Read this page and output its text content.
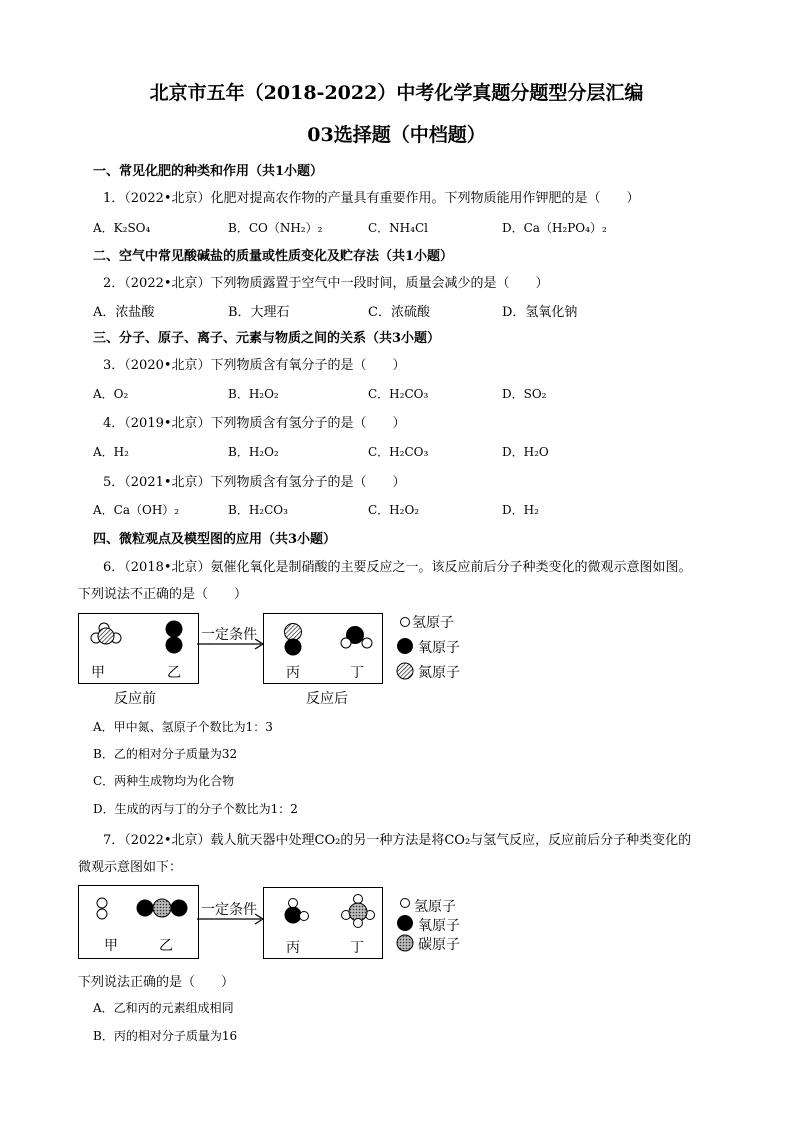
北京市五年（2018-2022）中考化学真题分题型分层汇编
03选择题（中档题）
一、常见化肥的种类和作用（共1小题）
1．（2022•北京）化肥对提高农作物的产量具有重要作用。下列物质能用作钾肥的是（　　）
A．K₂SO₄	B．CO（NH₂）₂	C．NH₄Cl	D．Ca（H₂PO₄）₂
二、空气中常见酸碱盐的质量或性质变化及贮存法（共1小题）
2．（2022•北京）下列物质露置于空气中一段时间，质量会减少的是（　　）
A．浓盐酸	B．大理石	C．浓硫酸	D．氢氧化钠
三、分子、原子、离子、元素与物质之间的关系（共3小题）
3．（2020•北京）下列物质含有氧分子的是（　　）
A．O₂	B．H₂O₂	C．H₂CO₃	D．SO₂
4．（2019•北京）下列物质含有氢分子的是（　　）
A．H₂	B．H₂O₂	C．H₂CO₃	D．H₂O
5．（2021•北京）下列物质含有氢分子的是（　　）
A．Ca（OH）₂	B．H₂CO₃	C．H₂O₂	D．H₂
四、微粒观点及模型图的应用（共3小题）
6．（2018•北京）氨催化氧化是制硝酸的主要反应之一。该反应前后分子种类变化的微观示意图如图。
下列说法不正确的是（　　）
甲	乙
反应前
一定条件
丙	丁
反应后
氢原子
氧原子
氮原子
A．甲中氮、氢原子个数比为1：3
B．乙的相对分子质量为32
C．两种生成物均为化合物
D．生成的丙与丁的分子个数比为1：2
7．（2022•北京）载人航天器中处理CO₂的另一种方法是将CO₂与氢气反应，反应前后分子种类变化的
微观示意图如下：
甲	乙
一定条件
丙	丁
氢原子
氧原子
碳原子
下列说法正确的是（　　）
A．乙和丙的元素组成相同
B．丙的相对分子质量为16
